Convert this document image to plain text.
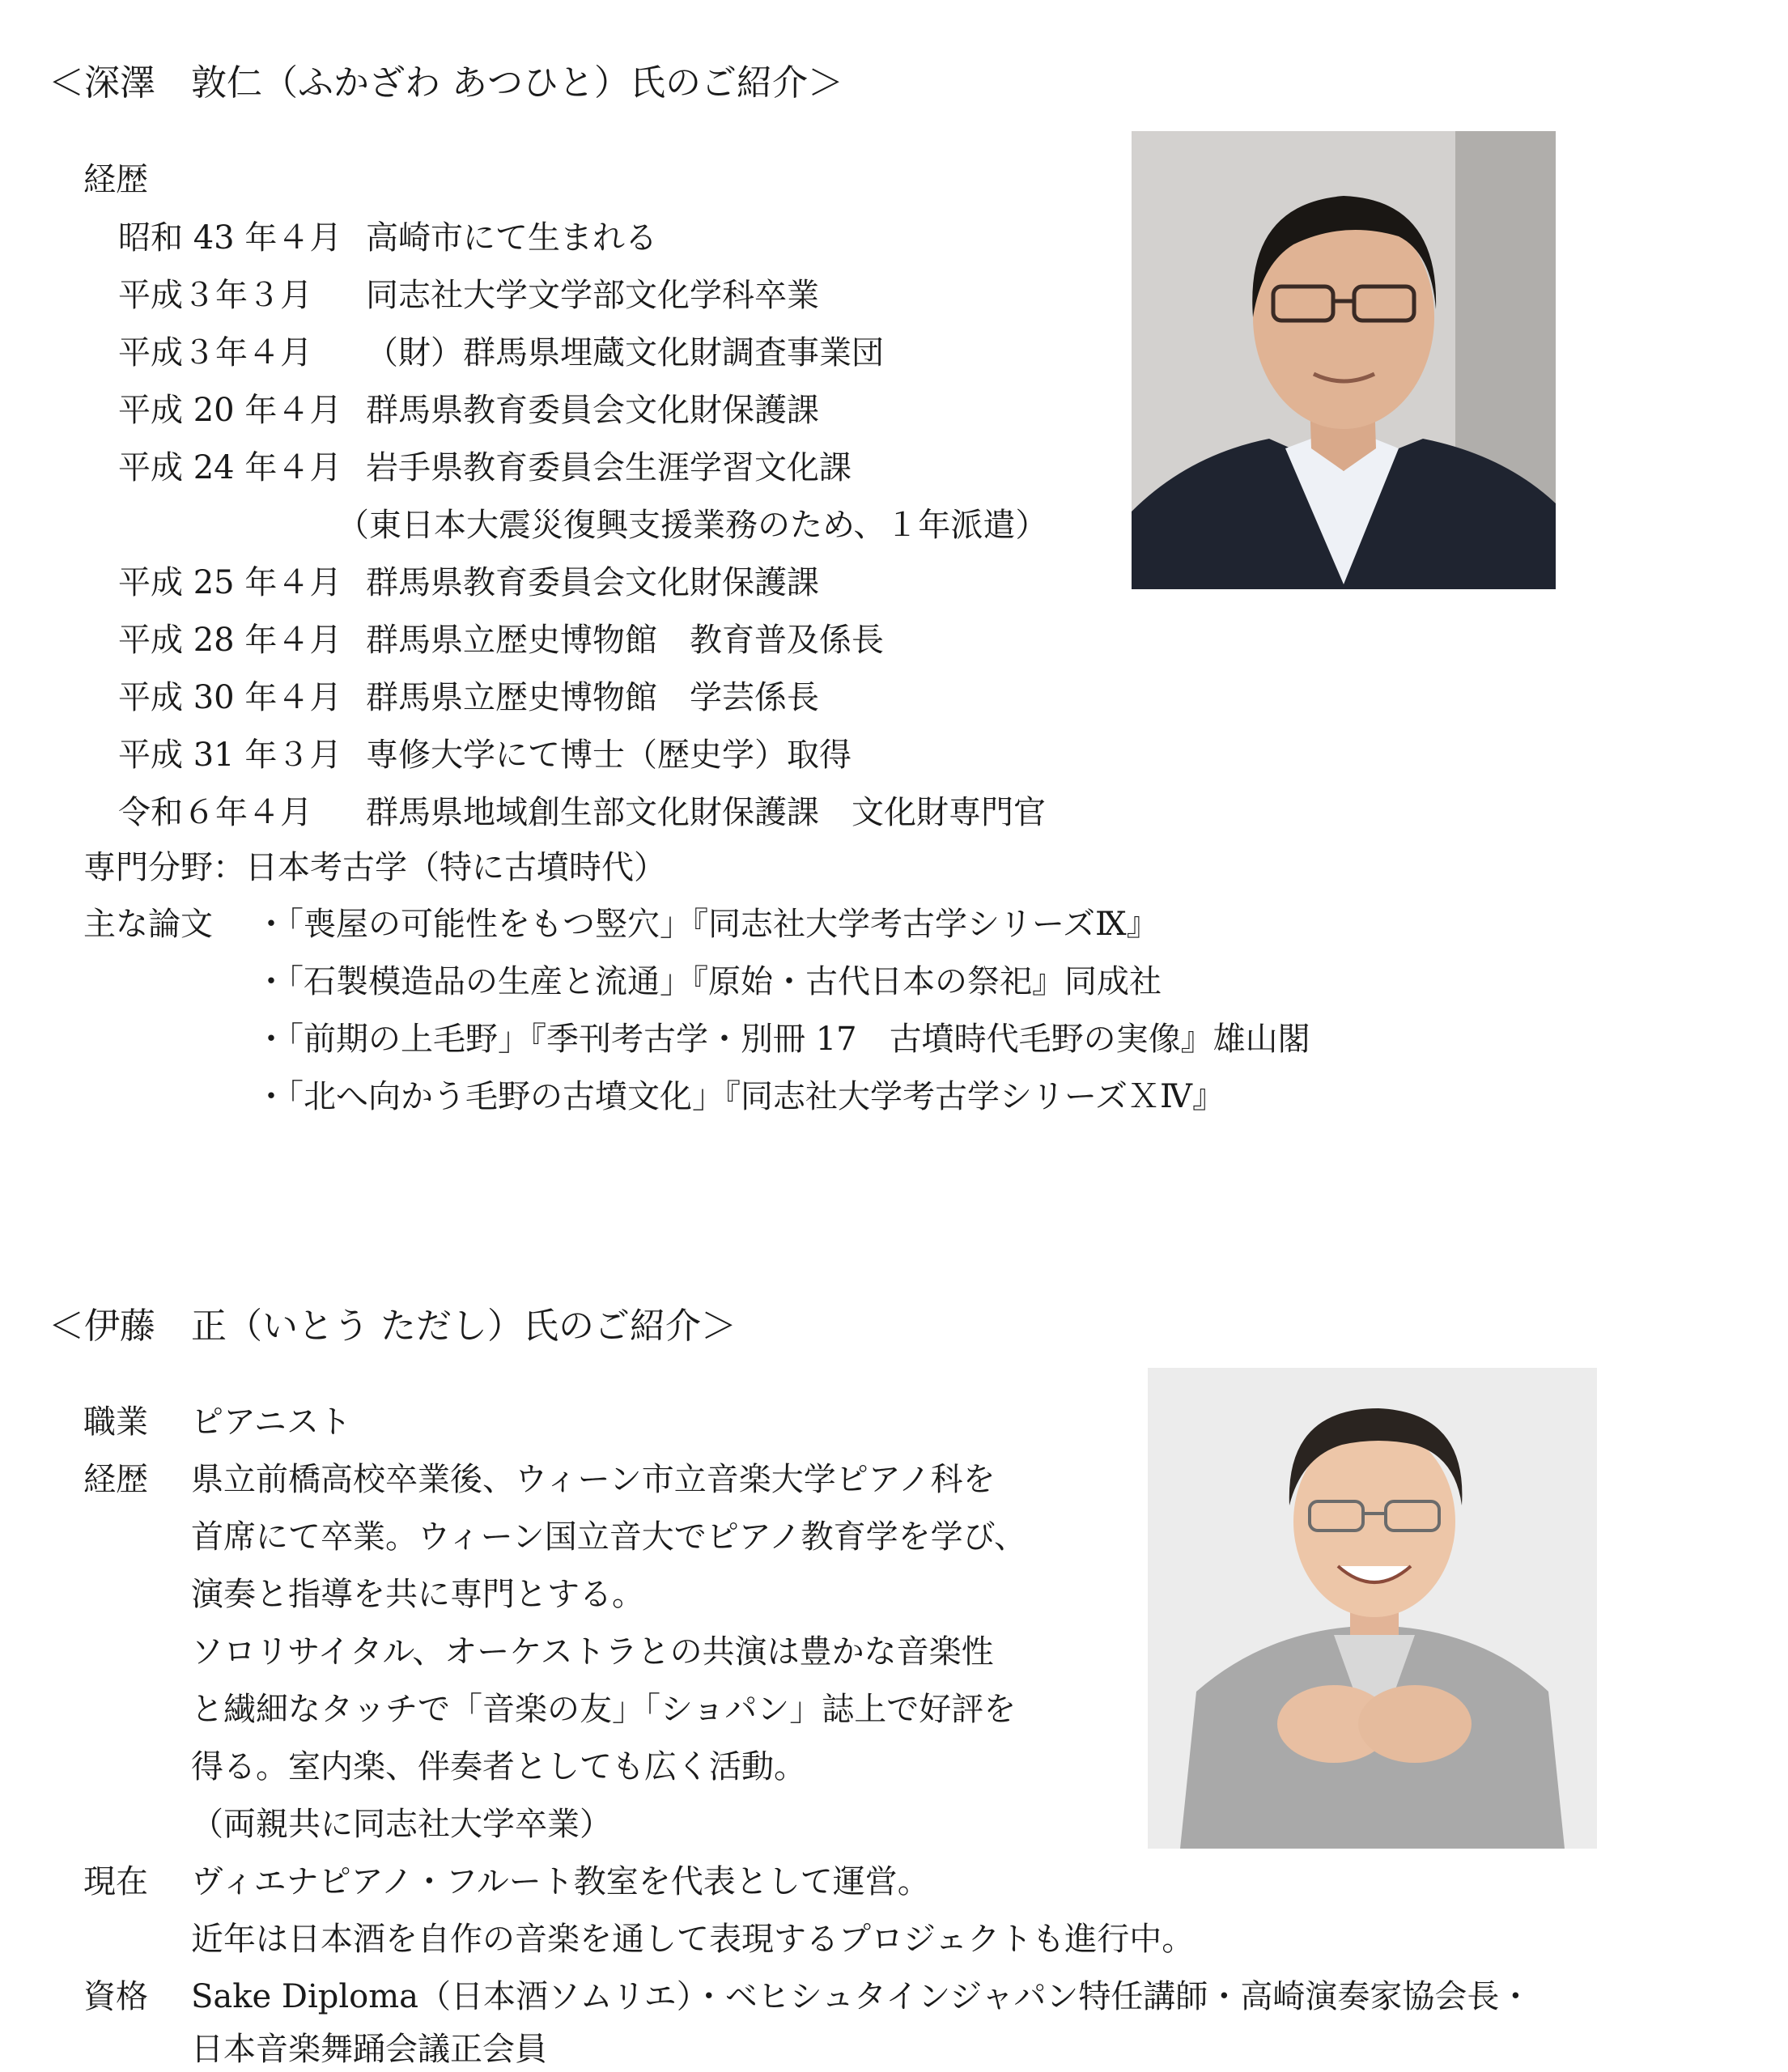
＜深澤　敦仁（ふかざわ あつひと）氏のご紹介＞
経歴
昭和 43 年４月 高崎市にて生まれる
平成３年３月 同志社大学文学部文化学科卒業
平成３年４月 （財）群馬県埋蔵文化財調査事業団
平成 20 年４月 群馬県教育委員会文化財保護課
平成 24 年４月 岩手県教育委員会生涯学習文化課
（東日本大震災復興支援業務のため、１年派遣）
平成 25 年４月 群馬県教育委員会文化財保護課
平成 28 年４月 群馬県立歴史博物館　教育普及係長
平成 30 年４月 群馬県立歴史博物館　学芸係長
平成 31 年３月 専修大学にて博士（歴史学）取得
令和６年４月 群馬県地域創生部文化財保護課　文化財専門官
専門分野：日本考古学（特に古墳時代）
主な論文 ・「喪屋の可能性をもつ竪穴」『同志社大学考古学シリーズⅨ』
・「石製模造品の生産と流通」『原始・古代日本の祭祀』同成社
・「前期の上毛野」『季刊考古学・別冊 17　古墳時代毛野の実像』雄山閣
・「北へ向かう毛野の古墳文化」『同志社大学考古学シリーズＸⅣ』
＜伊藤　正（いとう ただし）氏のご紹介＞
職業 ピアニスト
経歴 県立前橋高校卒業後、ウィーン市立音楽大学ピアノ科を
首席にて卒業。ウィーン国立音大でピアノ教育学を学び、
演奏と指導を共に専門とする。
ソロリサイタル、オーケストラとの共演は豊かな音楽性
と繊細なタッチで「音楽の友」「ショパン」誌上で好評を
得る。室内楽、伴奏者としても広く活動。
（両親共に同志社大学卒業）
現在 ヴィエナピアノ・フルート教室を代表として運営。
近年は日本酒を自作の音楽を通して表現するプロジェクトも進行中。
資格 Sake Diploma（日本酒ソムリエ）・ベヒシュタインジャパン特任講師・高崎演奏家協会長・
日本音楽舞踊会議正会員
